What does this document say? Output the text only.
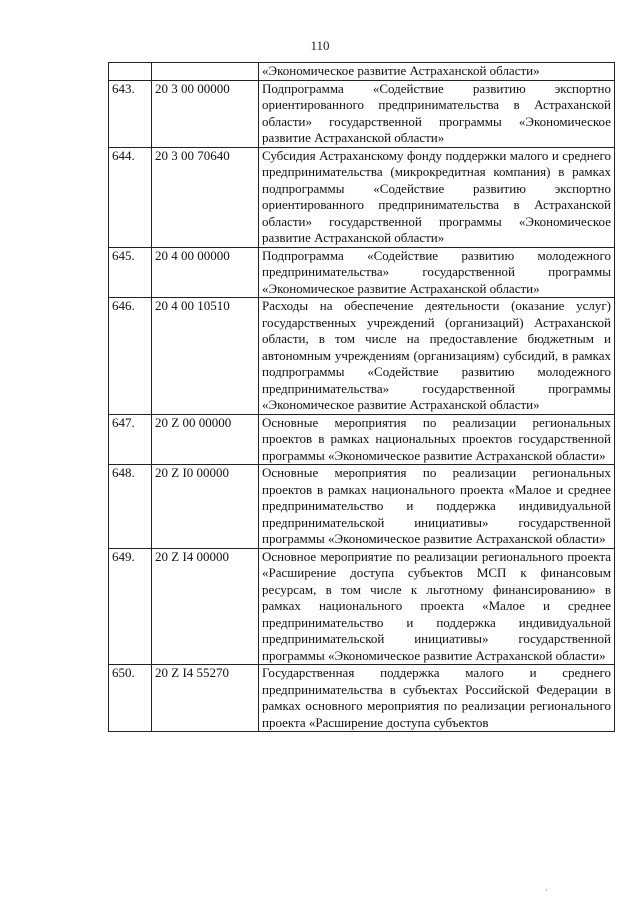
110
		«Экономическое развитие Астраханской области»
643.	20 3 00 00000	Подпрограмма «Содействие развитию экспортно ориентированного предпринимательства в Астраханской области» государственной программы «Экономическое развитие Астраханской области»
644.	20 3 00 70640	Субсидия Астраханскому фонду поддержки малого и среднего предпринимательства (микрокредитная компания) в рамках подпрограммы «Содействие развитию экспортно ориентированного предпринимательства в Астраханской области» государственной программы «Экономическое развитие Астраханской области»
645.	20 4 00 00000	Подпрограмма «Содействие развитию молодежного предпринимательства» государственной программы «Экономическое развитие Астраханской области»
646.	20 4 00 10510	Расходы на обеспечение деятельности (оказание услуг) государственных учреждений (организаций) Астраханской области, в том числе на предоставление бюджетным и автономным учреждениям (организациям) субсидий, в рамках подпрограммы «Содействие развитию молодежного предпринимательства» государственной программы «Экономическое развитие Астраханской области»
647.	20 Z 00 00000	Основные мероприятия по реализации региональных проектов в рамках национальных проектов государственной программы «Экономическое развитие Астраханской области»
648.	20 Z I0 00000	Основные мероприятия по реализации региональных проектов в рамках национального проекта «Малое и среднее предпринимательство и поддержка индивидуальной предпринимательской инициативы» государственной программы «Экономическое развитие Астраханской области»
649.	20 Z I4 00000	Основное мероприятие по реализации регионального проекта «Расширение доступа субъектов МСП к финансовым ресурсам, в том числе к льготному финансированию» в рамках национального проекта «Малое и среднее предпринимательство и поддержка индивидуальной предпринимательской инициативы» государственной программы «Экономическое развитие Астраханской области»
650.	20 Z I4 55270	Государственная поддержка малого и среднего предпринимательства в субъектах Российской Федерации в рамках основного мероприятия по реализации регионального проекта «Расширение доступа субъектов
ˌ
